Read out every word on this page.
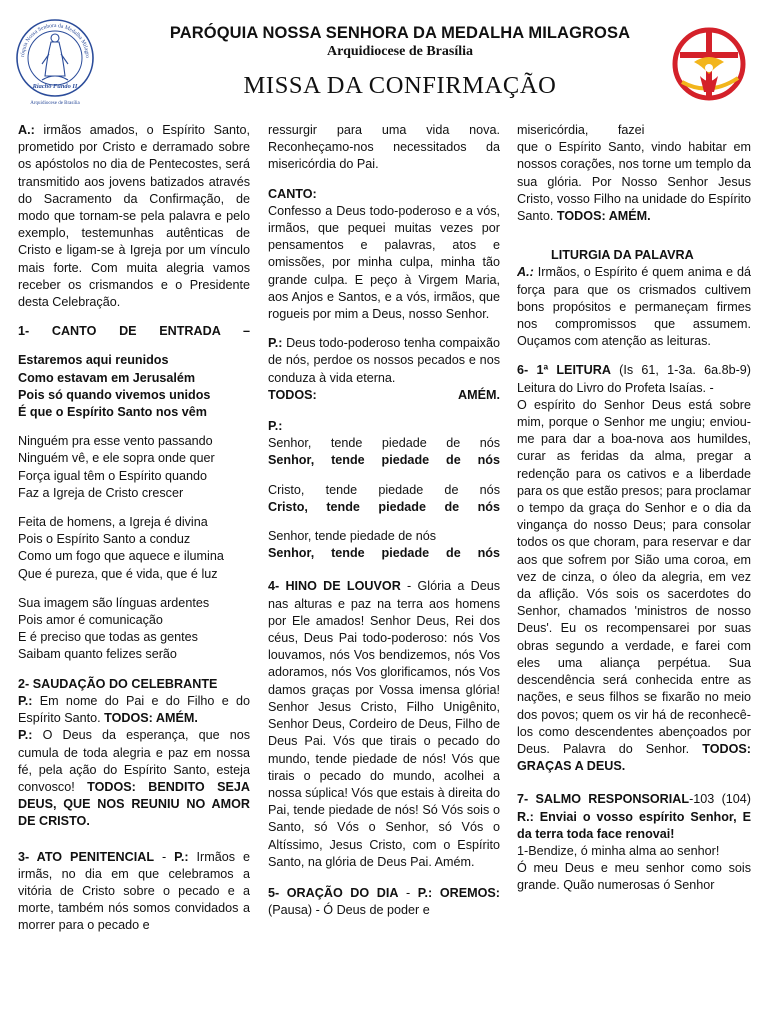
róquia Nossa Senhora da Medalha Milagro
Riacho Fundo II
Arquidiocese de Brasília
PARÓQUIA NOSSA SENHORA DA MEDALHA MILAGROSA
Arquidiocese de Brasília
MISSA DA CONFIRMAÇÃO

A.: irmãos amados, o Espírito Santo, prometido por Cristo e derramado sobre os apóstolos no dia de Pentecostes, será transmitido aos jovens batizados através do Sacramento da Confirmação, de modo que tornam-se pela palavra e pelo exemplo, testemunhas autênticas de Cristo e ligam-se à Igreja por um vínculo mais forte. Com muita alegria vamos receber os crismandos e o Presidente desta Celebração.

1- CANTO DE ENTRADA –

Estaremos aqui reunidos
Como estavam em Jerusalém
Pois só quando vivemos unidos
É que o Espírito Santo nos vêm

Ninguém pra esse vento passando
Ninguém vê, e ele sopra onde quer
Força igual têm o Espírito quando
Faz a Igreja de Cristo crescer

Feita de homens, a Igreja é divina
Pois o Espírito Santo a conduz
Como um fogo que aquece e ilumina
Que é pureza, que é vida, que é luz

Sua imagem são línguas ardentes
Pois amor é comunicação
E é preciso que todas as gentes
Saibam quanto felizes serão

2- SAUDAÇÃO DO CELEBRANTE
P.: Em nome do Pai e do Filho e do Espírito Santo. TODOS: AMÉM.
P.: O Deus da esperança, que nos cumula de toda alegria e paz em nossa fé, pela ação do Espírito Santo, esteja convosco! TODOS: BENDITO SEJA DEUS, QUE NOS REUNIU NO AMOR DE CRISTO.

3- ATO PENITENCIAL - P.: Irmãos e irmãs, no dia em que celebramos a vitória de Cristo sobre o pecado e a morte, também nós somos convidados a morrer para o pecado e

ressurgir para uma vida nova. Reconheçamo-nos necessitados da misericórdia do Pai.

CANTO:
Confesso a Deus todo-poderoso e a vós, irmãos, que pequei muitas vezes por pensamentos e palavras, atos e omissões, por minha culpa, minha tão grande culpa. E peço à Virgem Maria, aos Anjos e Santos, e a vós, irmãos, que rogueis por mim a Deus, nosso Senhor.

P.: Deus todo-poderoso tenha compaixão de nós, perdoe os nossos pecados e nos conduza à vida eterna.
TODOS:	AMÉM.

P.:
Senhor, tende piedade de nós
Senhor, tende piedade de nós

Cristo, tende piedade de nós
Cristo, tende piedade de nós

Senhor, tende piedade de nós
Senhor, tende piedade de nós

4- HINO DE LOUVOR - Glória a Deus nas alturas e paz na terra aos homens por Ele amados! Senhor Deus, Rei dos céus, Deus Pai todo-poderoso: nós Vos louvamos, nós Vos bendizemos, nós Vos adoramos, nós Vos glorificamos, nós Vos damos graças por Vossa imensa glória! Senhor Jesus Cristo, Filho Unigênito, Senhor Deus, Cordeiro de Deus, Filho de Deus Pai. Vós que tirais o pecado do mundo, tende piedade de nós! Vós que tirais o pecado do mundo, acolhei a nossa súplica! Vós que estais à direita do Pai, tende piedade de nós! Só Vós sois o Santo, só Vós o Senhor, só Vós o Altíssimo, Jesus Cristo, com o Espírito Santo, na glória de Deus Pai. Amém.

5- ORAÇÃO DO DIA - P.: OREMOS: (Pausa) - Ó Deus de poder e

misericórdia, fazei
que o Espírito Santo, vindo habitar em nossos corações, nos torne um templo da sua glória. Por Nosso Senhor Jesus Cristo, vosso Filho na unidade do Espírito Santo. TODOS: AMÉM.

LITURGIA DA PALAVRA
A.: Irmãos, o Espírito é quem anima e dá força para que os crismados cultivem bons propósitos e permaneçam firmes nos compromissos que assumem. Ouçamos com atenção as leituras.

6- 1ª LEITURA (Is 61, 1-3a. 6a.8b-9)
Leitura do Livro do Profeta Isaías. -
O espírito do Senhor Deus está sobre mim, porque o Senhor me ungiu; enviou-me para dar a boa-nova aos humildes, curar as feridas da alma, pregar a redenção para os cativos e a liberdade para os que estão presos; para proclamar o tempo da graça do Senhor e o dia da vingança do nosso Deus; para consolar todos os que choram, para reservar e dar aos que sofrem por Sião uma coroa, em vez de cinza, o óleo da alegria, em vez da aflição. Vós sois os sacerdotes do Senhor, chamados 'ministros de nosso Deus'. Eu os recompensarei por suas obras segundo a verdade, e farei com eles uma aliança perpétua. Sua descendência será conhecida entre as nações, e seus filhos se fixarão no meio dos povos; quem os vir há de reconhecê-los como descendentes abençoados por Deus. Palavra do Senhor. TODOS: GRAÇAS A DEUS.

7- SALMO RESPONSORIAL-103 (104)
R.: Enviai o vosso espírito Senhor, E da terra toda face renovai!

1-Bendize, ó minha alma ao senhor!
Ó meu Deus e meu senhor como sois grande. Quão numerosas ó Senhor
